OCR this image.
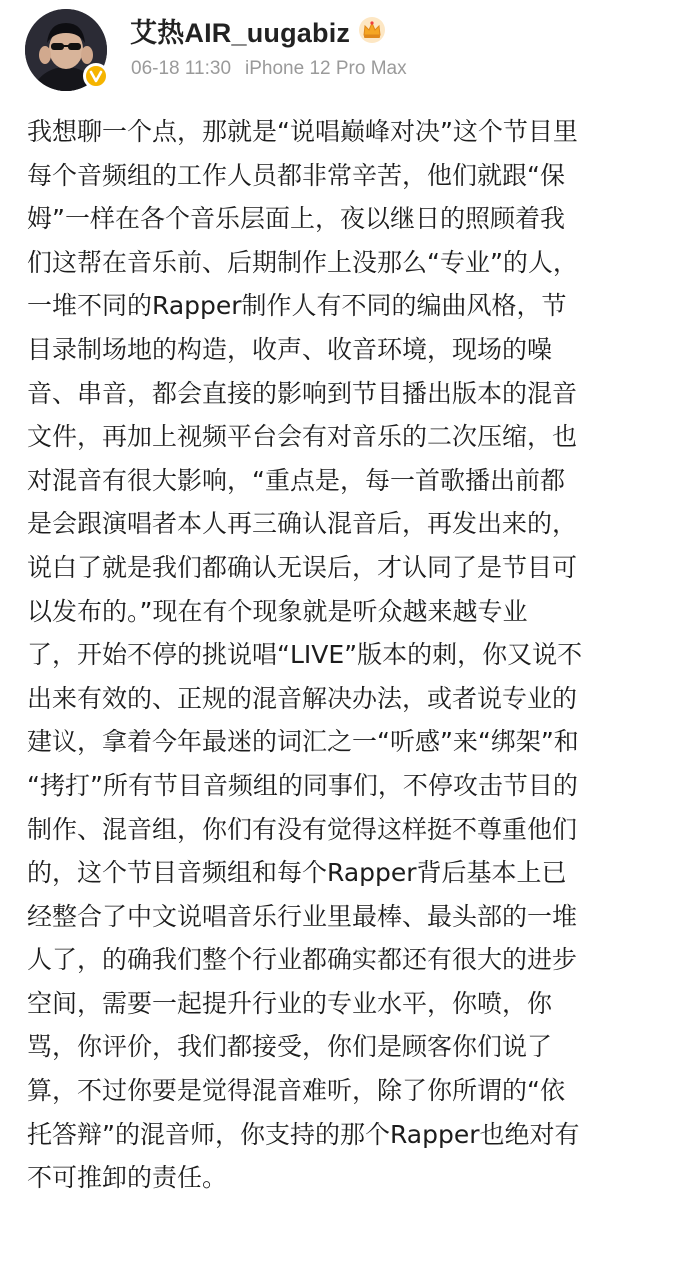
艾热AIR_uugabiz
06-18 11:30 iPhone 12 Pro Max
我想聊一个点，那就是“说唱巅峰对决”这个节目里
每个音频组的工作人员都非常辛苦，他们就跟“保
姆”一样在各个音乐层面上，夜以继日的照顾着我
们这帮在音乐前、后期制作上没那么“专业”的人，
一堆不同的Rapper制作人有不同的编曲风格，节
目录制场地的构造，收声、收音环境，现场的噪
音、串音，都会直接的影响到节目播出版本的混音
文件，再加上视频平台会有对音乐的二次压缩，也
对混音有很大影响，“重点是，每一首歌播出前都
是会跟演唱者本人再三确认混音后，再发出来的，
说白了就是我们都确认无误后，才认同了是节目可
以发布的。”现在有个现象就是听众越来越专业
了，开始不停的挑说唱“LIVE”版本的刺，你又说不
出来有效的、正规的混音解决办法，或者说专业的
建议，拿着今年最迷的词汇之一“听感”来“绑架”和
“拷打”所有节目音频组的同事们，不停攻击节目的
制作、混音组，你们有没有觉得这样挺不尊重他们
的，这个节目音频组和每个Rapper背后基本上已
经整合了中文说唱音乐行业里最棒、最头部的一堆
人了，的确我们整个行业都确实都还有很大的进步
空间，需要一起提升行业的专业水平，你喷，你
骂，你评价，我们都接受，你们是顾客你们说了
算，不过你要是觉得混音难听，除了你所谓的“依
托答辩”的混音师，你支持的那个Rapper也绝对有
不可推卸的责任。
